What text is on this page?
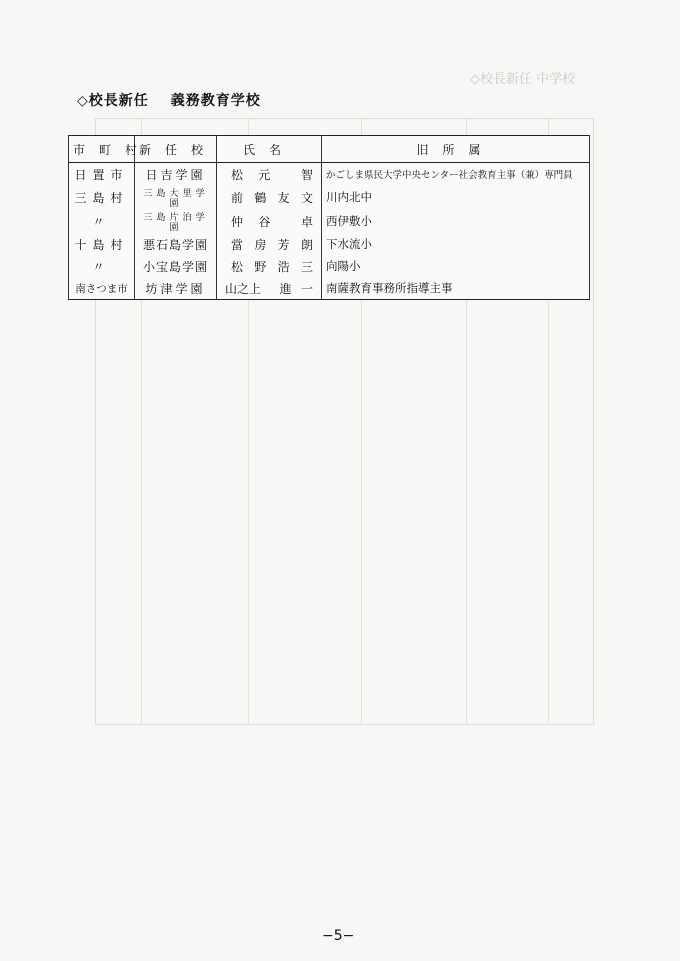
◇校長新任 中学校
◇校長新任 義務教育学校
市町村	新任校	氏名	旧所属
日置市	日吉学園	松 元 智	かごしま県民大学中央センター社会教育主事（兼）専門員
三島村	三島大里学園	前 鶴 友 文	川内北中
〃	三島片泊学園	仲 谷 卓	西伊敷小
十島村	悪石島学園	當 房 芳 朗	下水流小
〃	小宝島学園	松 野 浩 三	向陽小
南さつま市	坊津学園	山之上 進 一	南薩教育事務所指導主事
−5−
